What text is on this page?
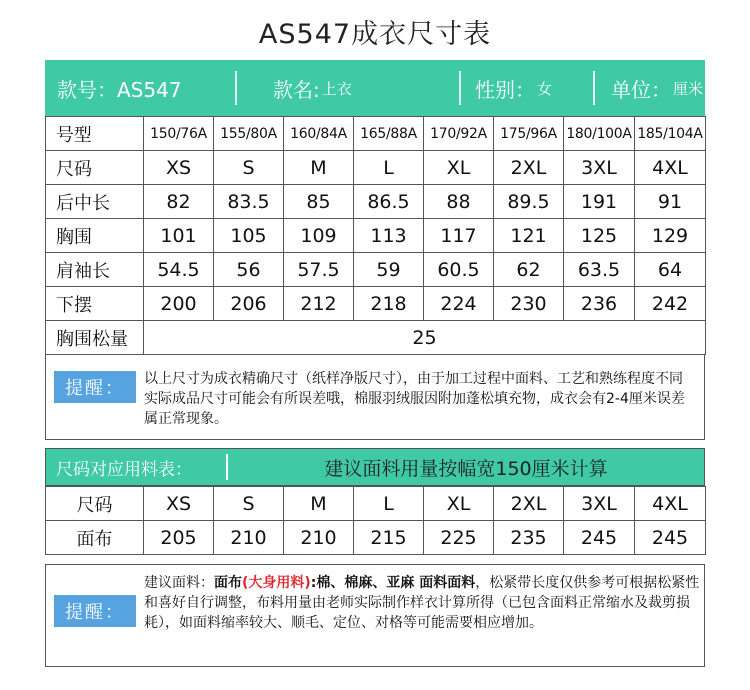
AS547成衣尺寸表
款号：AS547	款名: 上衣	性别： 女	单位： 厘米
号型	150/76A	155/80A	160/84A	165/88A	170/92A	175/96A	180/100A	185/104A
尺码	XS	S	M	L	XL	2XL	3XL	4XL
后中长	82	83.5	85	86.5	88	89.5	191	91
胸围	101	105	109	113	117	121	125	129
肩袖长	54.5	56	57.5	59	60.5	62	63.5	64
下摆	200	206	212	218	224	230	236	242
胸围松量	25							
提醒：	以上尺寸为成衣精确尺寸（纸样净版尺寸），由于加工过程中面料、工艺和熟练程度不同实际成品尺寸可能会有所误差哦，棉服羽绒服因附加蓬松填充物，成衣会有2-4厘米误差属正常现象。
尺码对应用料表：	建议面料用量按幅宽150厘米计算
尺码	XS	S	M	L	XL	2XL	3XL	4XL
面布	205	210	210	215	225	235	245	245
提醒：
建议面料：面布(大身用料):棉、棉麻、亚麻 面料面料，松紧带长度仅供参考可根据松紧性和喜好自行调整，布料用量由老师实际制作样衣计算所得（已包含面料正常缩水及裁剪损耗），如面料缩率较大、顺毛、定位、对格等可能需要相应增加。
